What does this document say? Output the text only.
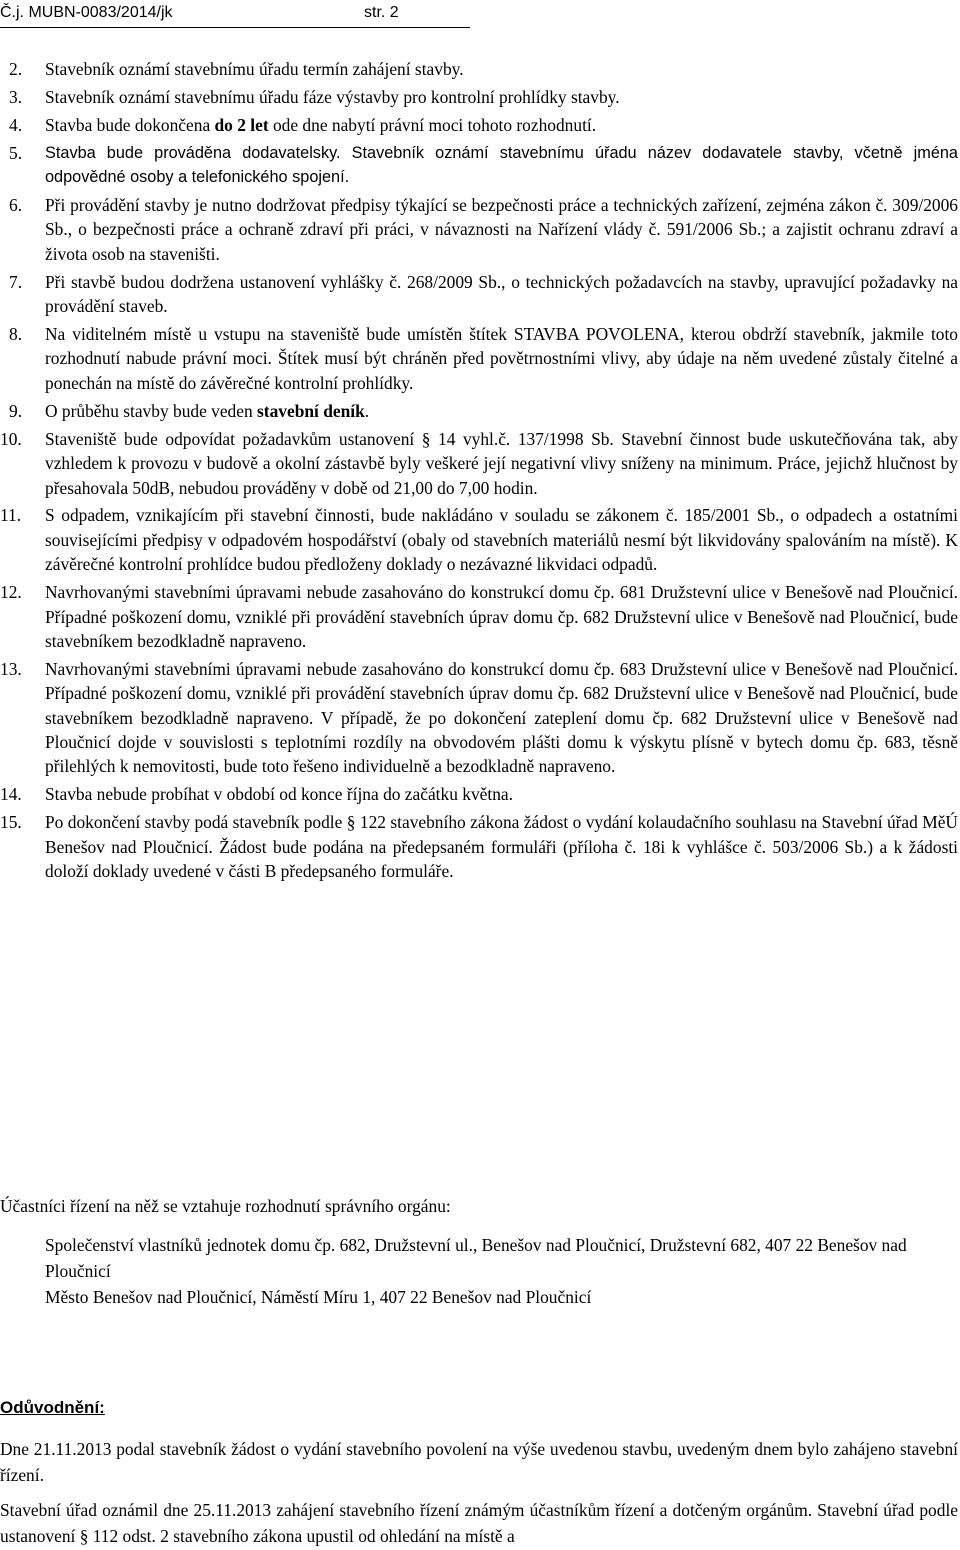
Č.j. MUBN-0083/2014/jk	str. 2
2. Stavebník oznámí stavebnímu úřadu termín zahájení stavby.
3. Stavebník oznámí stavebnímu úřadu fáze výstavby pro kontrolní prohlídky stavby.
4. Stavba bude dokončena do 2 let ode dne nabytí právní moci tohoto rozhodnutí.
5. Stavba bude prováděna dodavatelsky. Stavebník oznámí stavebnímu úřadu název dodavatele stavby, včetně jména odpovědné osoby a telefonického spojení.
6. Při provádění stavby je nutno dodržovat předpisy týkající se bezpečnosti práce a technických zařízení, zejména zákon č. 309/2006 Sb., o bezpečnosti práce a ochraně zdraví při práci, v návaznosti na Nařízení vlády č. 591/2006 Sb.; a zajistit ochranu zdraví a života osob na staveništi.
7. Při stavbě budou dodržena ustanovení vyhlášky č. 268/2009 Sb., o technických požadavcích na stavby, upravující požadavky na provádění staveb.
8. Na viditelném místě u vstupu na staveniště bude umístěn štítek STAVBA POVOLENA, kterou obdrží stavebník, jakmile toto rozhodnutí nabude právní moci. Štítek musí být chráněn před povětrnostními vlivy, aby údaje na něm uvedené zůstaly čitelné a ponechán na místě do závěrečné kontrolní prohlídky.
9. O průběhu stavby bude veden stavební deník.
10. Staveniště bude odpovídat požadavkům ustanovení § 14 vyhl.č. 137/1998 Sb. Stavební činnost bude uskutečňována tak, aby vzhledem k provozu v budově a okolní zástavbě byly veškeré její negativní vlivy sníženy na minimum. Práce, jejichž hlučnost by přesahovala 50dB, nebudou prováděny v době od 21,00 do 7,00 hodin.
11. S odpadem, vznikajícím při stavební činnosti, bude nakládáno v souladu se zákonem č. 185/2001 Sb., o odpadech a ostatními souvisejícími předpisy v odpadovém hospodářství (obaly od stavebních materiálů nesmí být likvidovány spalováním na místě). K závěrečné kontrolní prohlídce budou předloženy doklady o nezávazné likvidaci odpadů.
12. Navrhovanými stavebními úpravami nebude zasahováno do konstrukcí domu čp. 681 Družstevní ulice v Benešově nad Ploučnicí. Případné poškození domu, vzniklé při provádění stavebních úprav domu čp. 682 Družstevní ulice v Benešově nad Ploučnicí, bude stavebníkem bezodkladně napraveno.
13. Navrhovanými stavebními úpravami nebude zasahováno do konstrukcí domu čp. 683 Družstevní ulice v Benešově nad Ploučnicí. Případné poškození domu, vzniklé při provádění stavebních úprav domu čp. 682 Družstevní ulice v Benešově nad Ploučnicí, bude stavebníkem bezodkladně napraveno. V případě, že po dokončení zateplení domu čp. 682 Družstevní ulice v Benešově nad Ploučnicí dojde v souvislosti s teplotními rozdíly na obvodovém plášti domu k výskytu plísně v bytech domu čp. 683, těsně přilehlých k nemovitosti, bude toto řešeno individuelně a bezodkladně napraveno.
14. Stavba nebude probíhat v období od konce října do začátku května.
15. Po dokončení stavby podá stavebník podle § 122 stavebního zákona žádost o vydání kolaudačního souhlasu na Stavební úřad MěÚ Benešov nad Ploučnicí. Žádost bude podána na předepsaném formuláři (příloha č. 18i k vyhlášce č. 503/2006 Sb.) a k žádosti doloží doklady uvedené v části B předepsaného formuláře.
Účastníci řízení na něž se vztahuje rozhodnutí správního orgánu:
Společenství vlastníků jednotek domu čp. 682, Družstevní ul., Benešov nad Ploučnicí, Družstevní 682, 407 22 Benešov nad Ploučnicí
Město Benešov nad Ploučnicí, Náměstí Míru 1, 407 22 Benešov nad Ploučnicí
Odůvodnění:
Dne 21.11.2013 podal stavebník žádost o vydání stavebního povolení na výše uvedenou stavbu, uvedeným dnem bylo zahájeno stavební řízení.
Stavební úřad oznámil dne 25.11.2013 zahájení stavebního řízení známým účastníkům řízení a dotčeným orgánům. Stavební úřad podle ustanovení § 112 odst. 2 stavebního zákona upustil od ohledání na místě a
